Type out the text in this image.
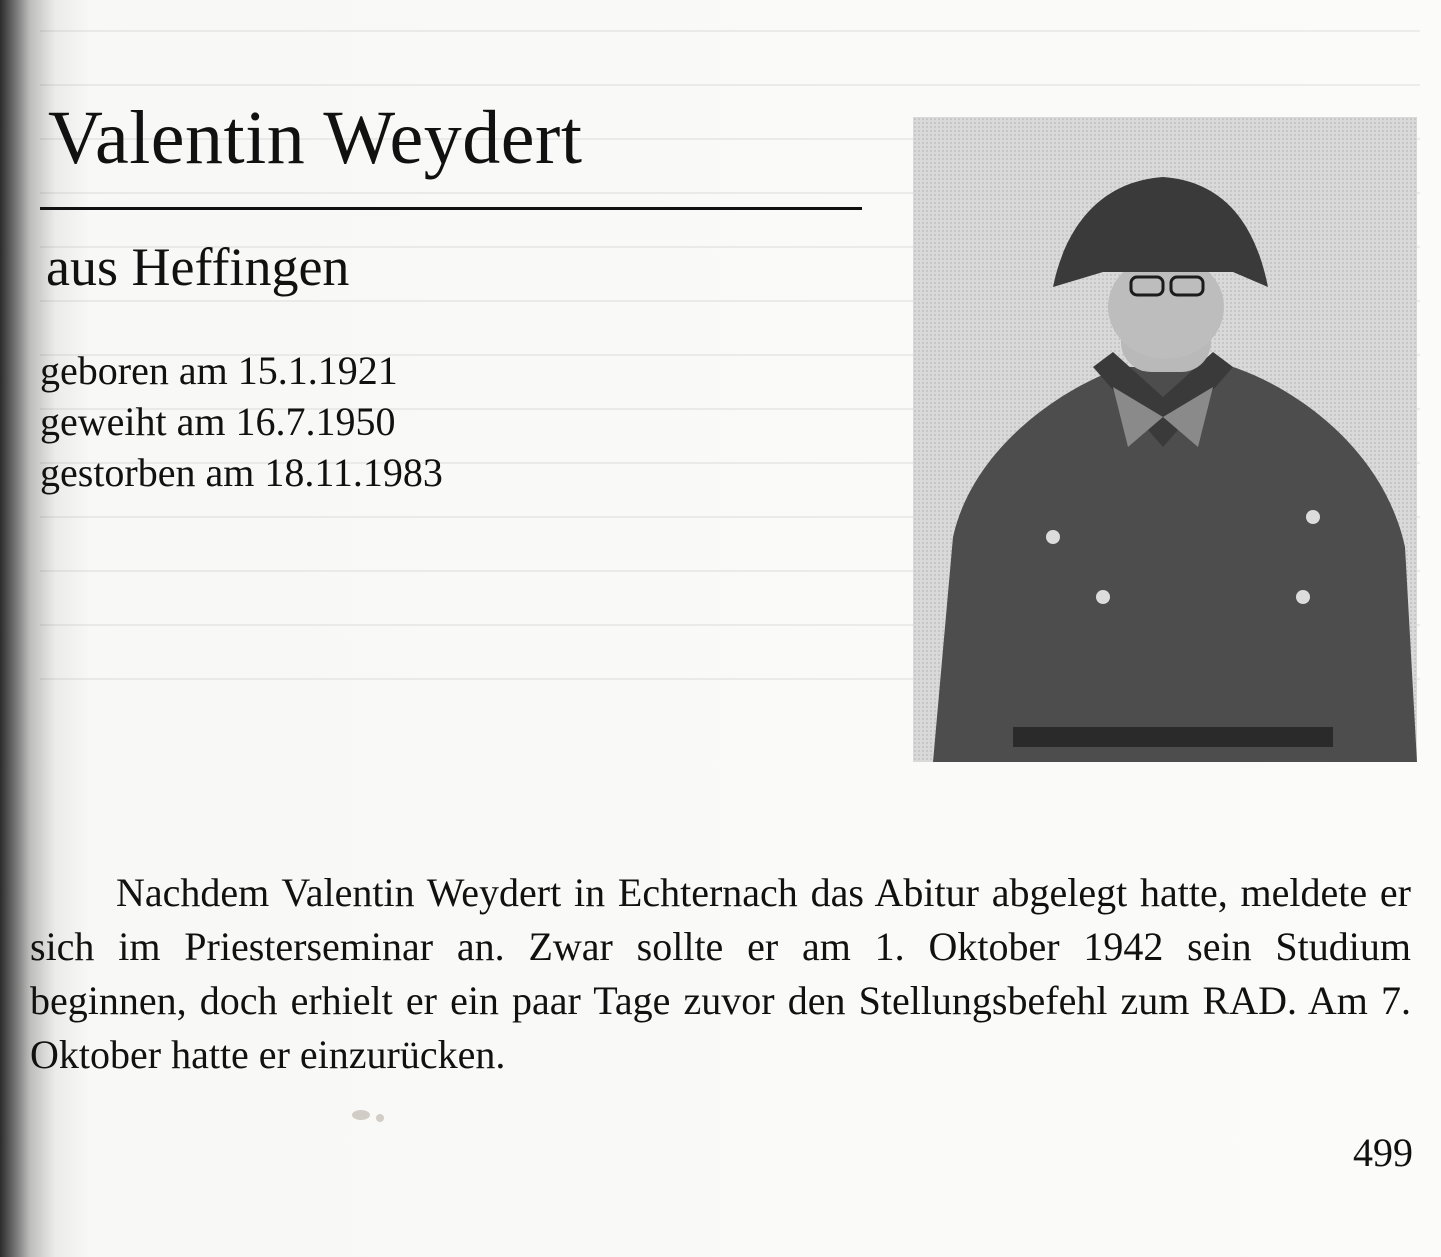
Valentin Weydert
aus Heffingen
geboren am 15.1.1921
geweiht am 16.7.1950
gestorben am 18.11.1983

Nachdem Valentin Weydert in Echternach das Abitur abgelegt hatte, meldete er sich im Priesterseminar an. Zwar sollte er am 1. Oktober 1942 sein Studium beginnen, doch erhielt er ein paar Tage zuvor den Stellungsbefehl zum RAD. Am 7. Oktober hatte er einzurücken.

499
